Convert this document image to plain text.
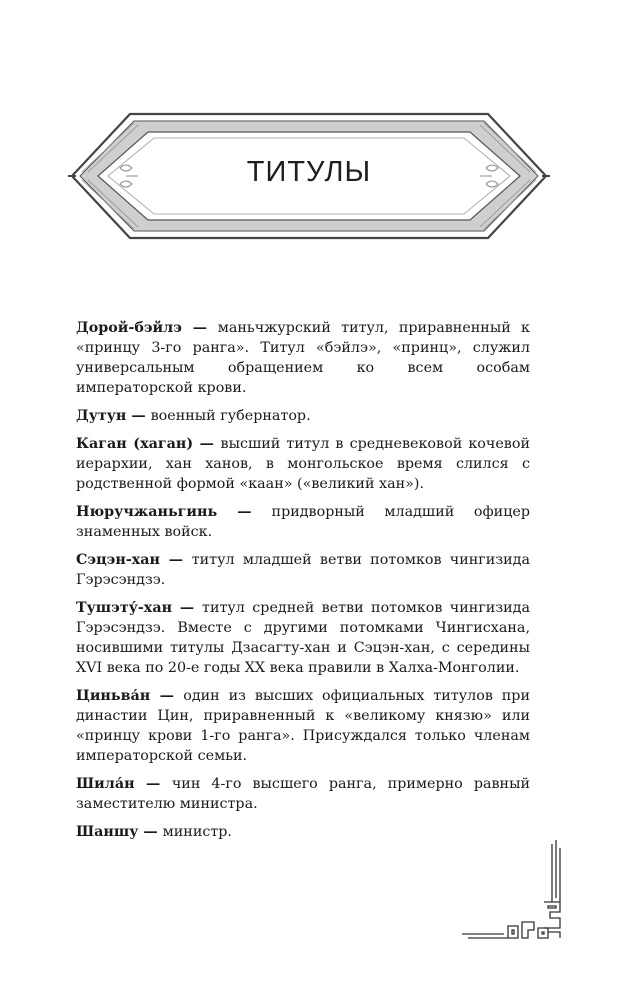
ТИТУЛЫ

Дорой-бэйлэ — маньчжурский титул, приравненный к «принцу 3-го ранга». Титул «бэйлэ», «принц», служил универсальным обращением ко всем особам императорской крови.

Дутун — военный губернатор.

Каган (хаган) — высший титул в средневековой кочевой иерархии, хан ханов, в монгольское время слился с родственной формой «каан» («великий хан»).

Нюручжаньгинь — придворный младший офицер знаменных войск.

Сэцэн-хан — титул младшей ветви потомков чингизида Гэрэсэндзэ.

Тушэту́-хан — титул средней ветви потомков чингизида Гэрэсэндзэ. Вместе с другими потомками Чингисхана, носившими титулы Дзасагту-хан и Сэцэн-хан, с середины XVI века по 20-е годы XX века правили в Халха-Монголии.

Циньва́н — один из высших официальных титулов при династии Цин, приравненный к «великому князю» или «принцу крови 1-го ранга». Присуждался только членам императорской семьи.

Шила́н — чин 4-го высшего ранга, примерно равный заместителю министра.

Шаншу — министр.
